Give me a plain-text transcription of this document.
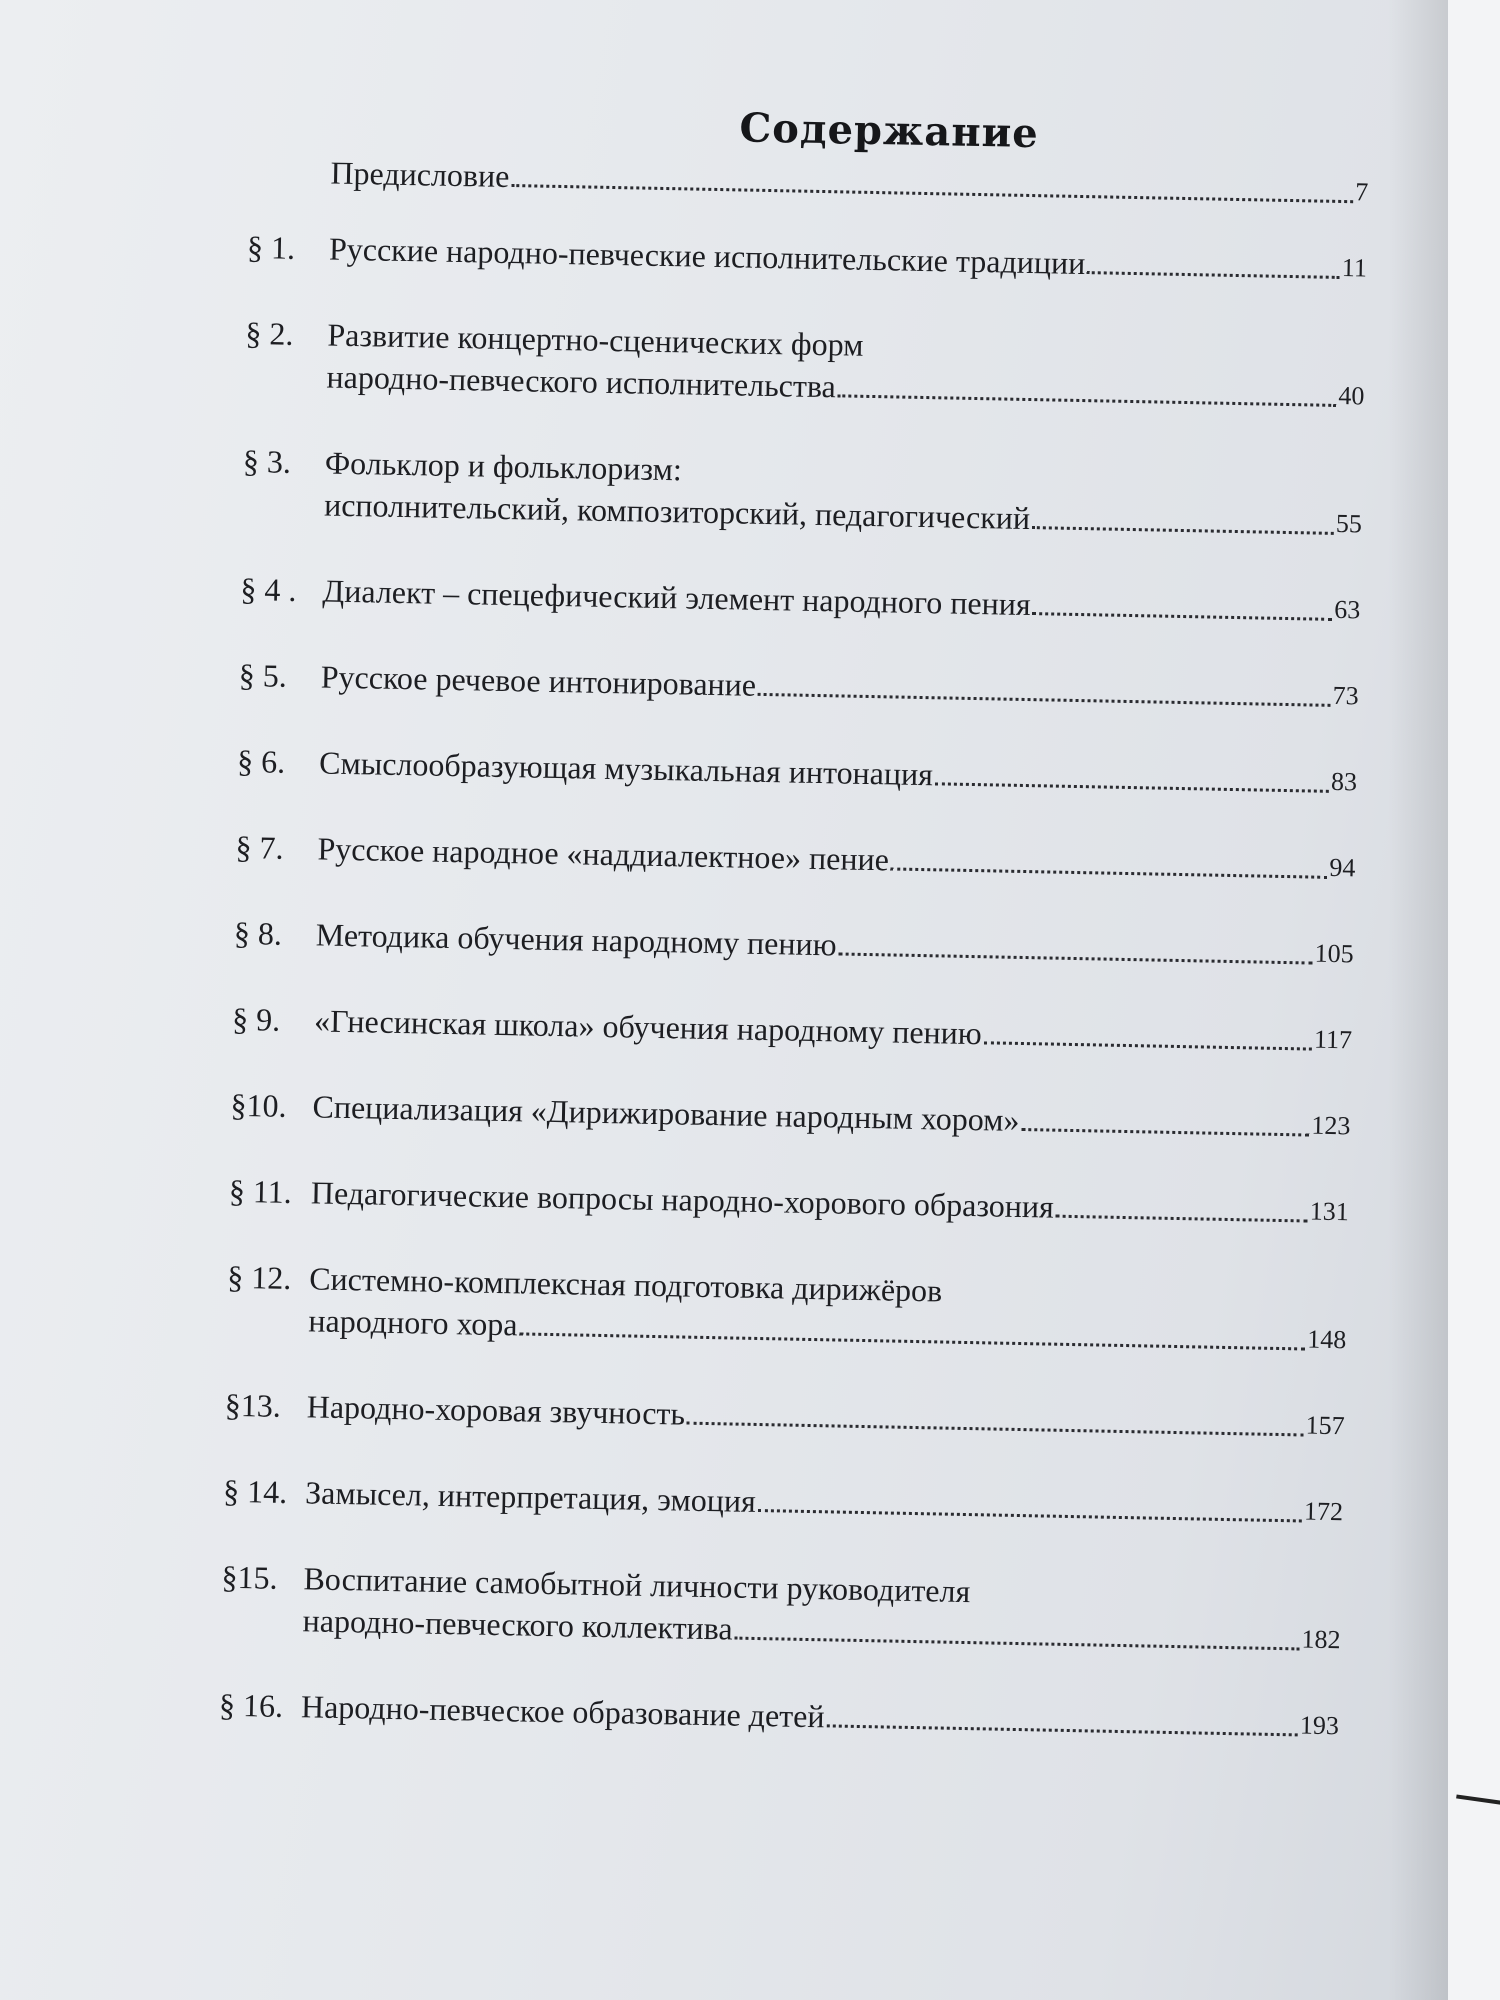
Содержание
Предисловие	7
§ 1.	Русские народно-певческие исполнительские традиции	11
§ 2.	Развитие концертно-сценических форм
народно-певческого исполнительства	40
§ 3.	Фольклор и фольклоризм:
исполнительский, композиторский, педагогический	55
§ 4 . Диалект – спецефический элемент народного пения	63
§ 5.	Русское речевое интонирование	73
§ 6.	Смыслообразующая музыкальная интонация	83
§ 7.	Русское народное «наддиалектное» пение	94
§ 8.	Методика обучения народному пению	105
§ 9.	«Гнесинская школа» обучения народному пению	117
§10. Специализация «Дирижирование народным хором»	123
§ 11. Педагогические вопросы народно-хорового образония	131
§ 12. Системно-комплексная подготовка дирижёров
народного хора	148
§13. Народно-хоровая звучность	157
§ 14. Замысел, интерпретация, эмоция	172
§15. Воспитание самобытной личности руководителя
народно-певческого коллектива	182
§ 16. Народно-певческое образование детей	193
